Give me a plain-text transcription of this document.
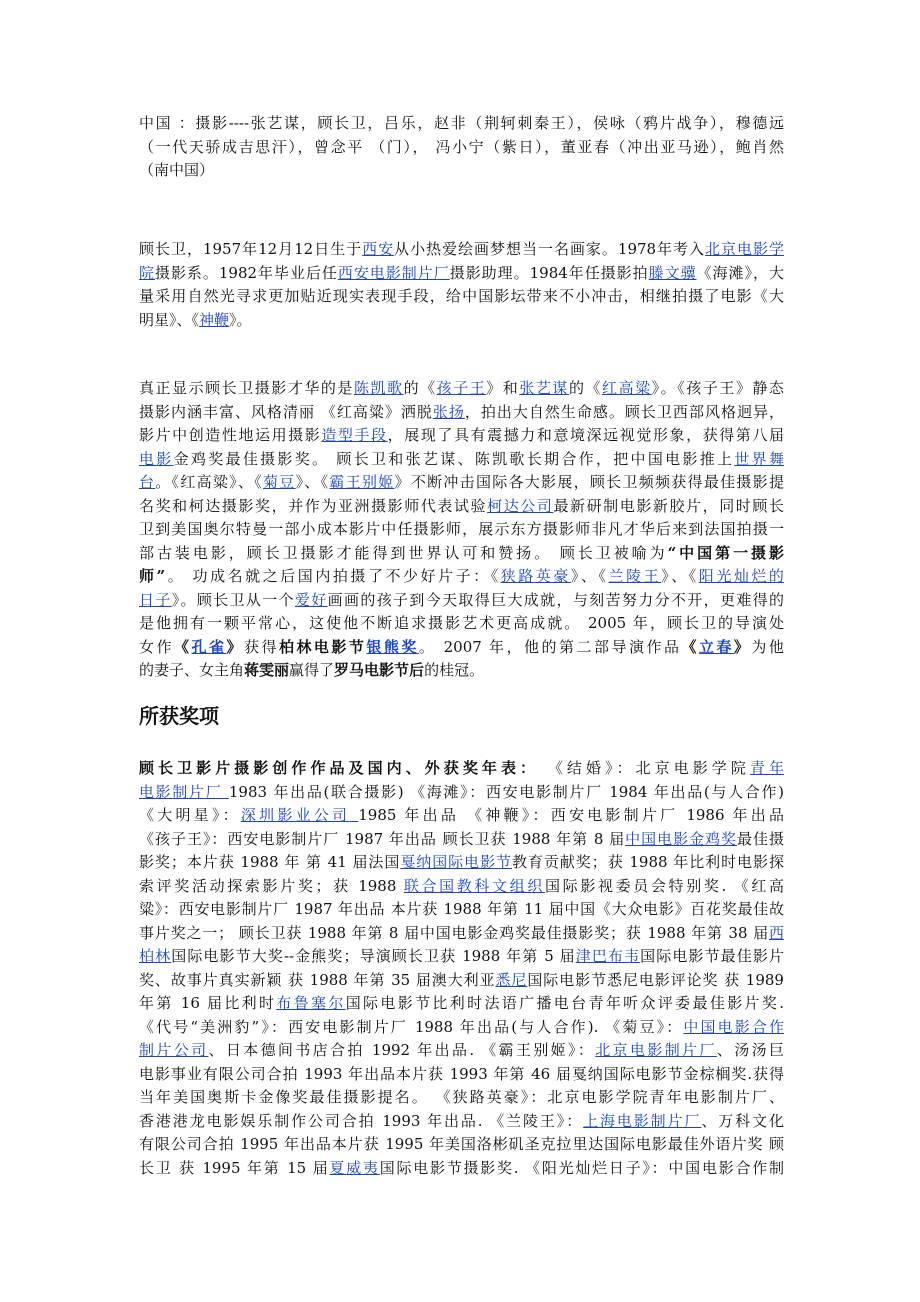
中国 ：摄影----张艺谋，顾长卫，吕乐，赵非（荆轲刺秦王），侯咏（鸦片战争），穆德远
（一代天骄成吉思汗），曾念平 （门）， 冯小宁（紫日），董亚春（冲出亚马逊），鲍肖然
（南中国）
顾长卫，1957年12月12日生于西安从小热爱绘画梦想当一名画家。1978年考入北京电影学
院摄影系。1982年毕业后任西安电影制片厂摄影助理。1984年任摄影拍滕文骥《海滩》，大
量采用自然光寻求更加贴近现实表现手段，给中国影坛带来不小冲击，相继拍摄了电影《大
明星》、《神鞭》。
真正显示顾长卫摄影才华的是陈凯歌的《孩子王》和张艺谋的《红高粱》。《孩子王》静态
摄影内涵丰富、风格清丽 《红高粱》洒脱张扬，拍出大自然生命感。顾长卫西部风格迥异，
影片中创造性地运用摄影造型手段，展现了具有震撼力和意境深远视觉形象，获得第八届
电影金鸡奖最佳摄影奖。 顾长卫和张艺谋、陈凯歌长期合作，把中国电影推上世界舞
台。《红高粱》、《菊豆》、《霸王别姬》不断冲击国际各大影展，顾长卫频频获得最佳摄影提
名奖和柯达摄影奖，并作为亚洲摄影师代表试验柯达公司最新研制电影新胶片，同时顾长
卫到美国奥尔特曼一部小成本影片中任摄影师，展示东方摄影师非凡才华后来到法国拍摄一
部古装电影，顾长卫摄影才能得到世界认可和赞扬。 顾长卫被喻为“中国第一摄影
师”。 功成名就之后国内拍摄了不少好片子：《狭路英豪》、《兰陵王》、《阳光灿烂的
日子》。顾长卫从一个爱好画画的孩子到今天取得巨大成就，与刻苦努力分不开，更难得的
是他拥有一颗平常心，这使他不断追求摄影艺术更高成就。 2005 年，顾长卫的导演处
女作《孔雀》获得柏林电影节银熊奖。 2007 年，他的第二部导演作品《立春》为他
的妻子、女主角蒋雯丽赢得了罗马电影节后的桂冠。
顾长卫影片摄影创作作品及国内、外获奖年表： 《结婚》：北京电影学院青年
电影制片厂 1983 年出品(联合摄影) 《海滩》：西安电影制片厂 1984 年出品(与人合作)
《大明星》：深圳影业公司 1985 年出品 《神鞭》：西安电影制片厂 1986 年出品
《孩子王》：西安电影制片厂 1987 年出品 顾长卫获 1988 年第 8 届中国电影金鸡奖最佳摄
影奖；本片获 1988 年 第 41 届法国戛纳国际电影节教育贡献奖；获 1988 年比利时电影探
索评奖活动探索影片奖；获 1988 联合国教科文组织国际影视委员会特别奖. 《红高
粱》：西安电影制片厂 1987 年出品 本片获 1988 年第 11 届中国《大众电影》百花奖最佳故
事片奖之一； 顾长卫获 1988 年第 8 届中国电影金鸡奖最佳摄影奖；获 1988 年第 38 届西
柏林国际电影节大奖--金熊奖；导演顾长卫获 1988 年第 5 届津巴布韦国际电影节最佳影片
奖、故事片真实新颖 获 1988 年第 35 届澳大利亚悉尼国际电影节悉尼电影评论奖 获 1989
年第 16 届比利时布鲁塞尔国际电影节比利时法语广播电台青年听众评委最佳影片奖.
《代号“美洲豹”》：西安电影制片厂 1988 年出品(与人合作). 《菊豆》：中国电影合作
制片公司、日本德间书店合拍 1992 年出品. 《霸王别姬》：北京电影制片厂、汤汤巨
电影事业有限公司合拍 1993 年出品本片获 1993 年第 46 届戛纳国际电影节金棕榈奖.获得
当年美国奥斯卡金像奖最佳摄影提名。 《狭路英豪》：北京电影学院青年电影制片厂、
香港港龙电影娱乐制作公司合拍 1993 年出品. 《兰陵王》：上海电影制片厂、万科文化
有限公司合拍 1995 年出品本片获 1995 年美国洛彬矶圣克拉里达国际电影最佳外语片奖 顾
长卫 获 1995 年第 15 届夏威夷国际电影节摄影奖. 《阳光灿烂日子》：中国电影合作制
所获奖项
